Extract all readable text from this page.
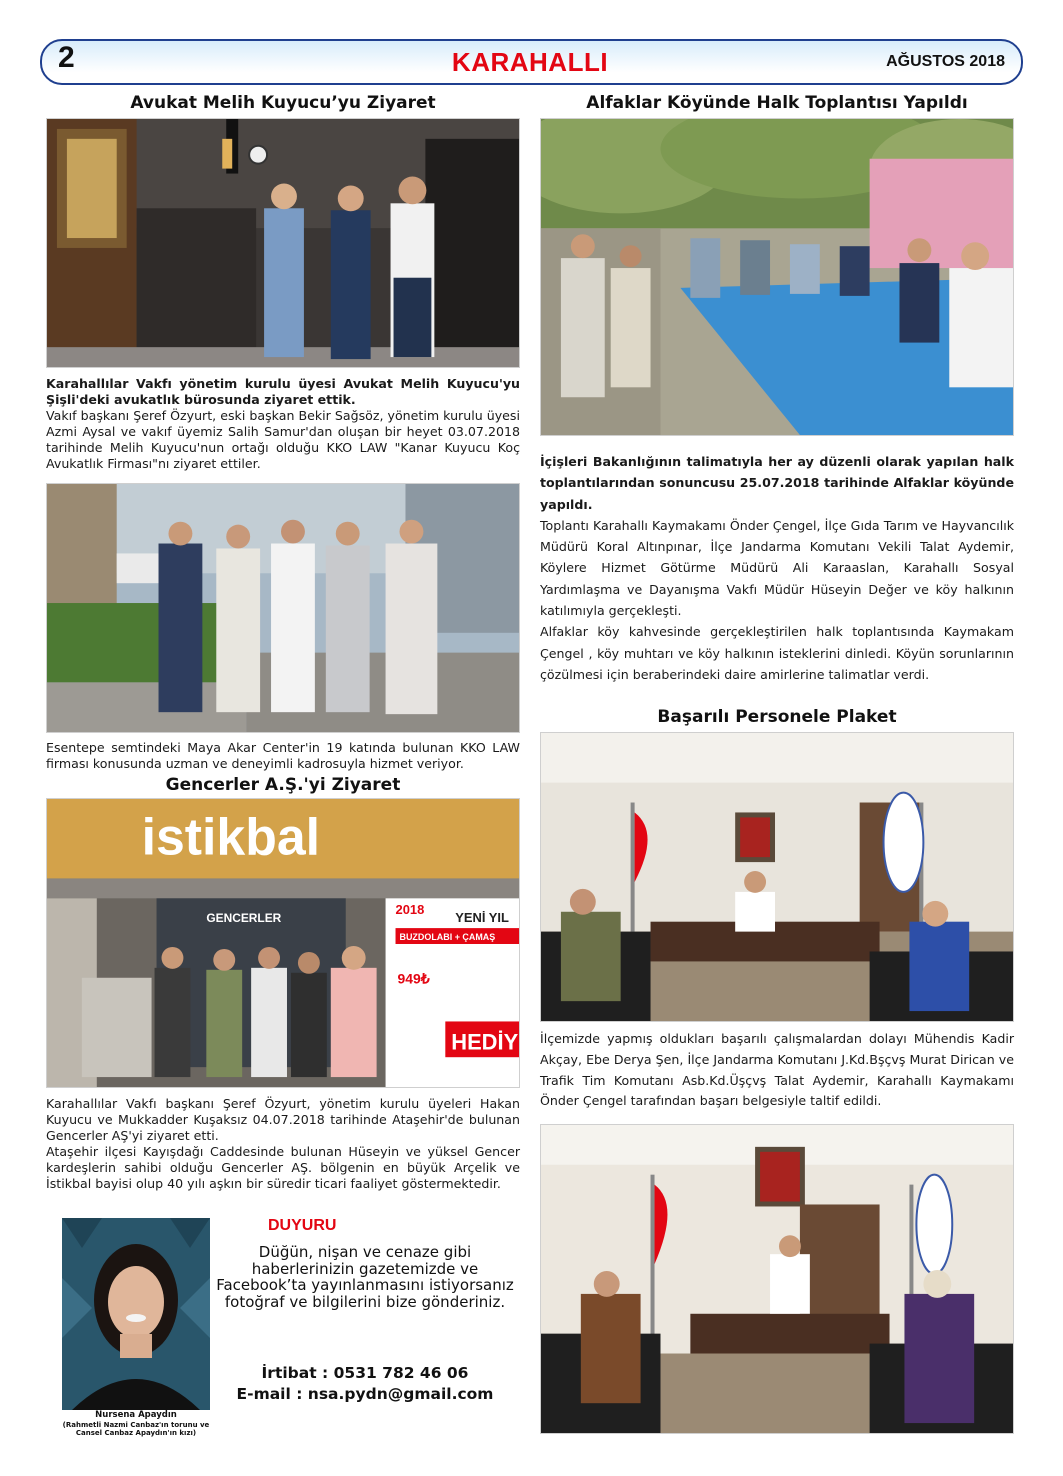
2	KARAHALLI	AĞUSTOS 2018
Avukat Melih Kuyucu’yu Ziyaret

Karahallılar Vakfı yönetim kurulu üyesi Avukat Melih Kuyucu'yu Şişli'deki avukatlık bürosunda ziyaret ettik.

Vakıf başkanı Şeref Özyurt, eski başkan Bekir Sağsöz, yönetim kurulu üyesi Azmi Aysal ve vakıf üyemiz Salih Samur'dan oluşan bir heyet 03.07.2018 tarihinde Melih Kuyucu'nun ortağı olduğu KKO LAW "Kanar Kuyucu Koç Avukatlık Firması"nı ziyaret ettiler.

Esentepe semtindeki Maya Akar Center'in 19 katında bulunan KKO LAW firması konusunda uzman ve deneyimli kadrosuyla hizmet veriyor.
Gencerler A.Ş.'yi Ziyaret
istikbal
GENCERLER
2018
YENİ YIL
BUZDOLABI + ÇAMAŞ
949₺
HEDİY

Karahallılar Vakfı başkanı Şeref Özyurt, yönetim kurulu üyeleri Hakan Kuyucu ve Mukkadder Kuşaksız 04.07.2018 tarihinde Ataşehir'de bulunan Gencerler AŞ'yi ziyaret etti.

Ataşehir ilçesi Kayışdağı Caddesinde bulunan Hüseyin ve yüksel Gencer kardeşlerin sahibi olduğu Gencerler AŞ. bölgenin en büyük Arçelik ve İstikbal bayisi olup 40 yılı aşkın bir süredir ticari faaliyet göstermektedir.

Nursena Apaydın
(Rahmetli Nazmi Canbaz'ın torunu ve Cansel Canbaz Apaydın'ın kızı)
DUYURU
Düğün, nişan ve cenaze gibi haberlerinizin gazetemizde ve Facebook’ta yayınlanmasını istiyorsanız fotoğraf ve bilgilerini bize gönderiniz.
İrtibat : 0531 782 46 06
E-mail : nsa.pydn@gmail.com
Alfaklar Köyünde Halk Toplantısı Yapıldı

İçişleri Bakanlığının talimatıyla her ay düzenli olarak yapılan halk toplantılarından sonuncusu 25.07.2018 tarihinde Alfaklar köyünde yapıldı.

Toplantı Karahallı Kaymakamı Önder Çengel, İlçe Gıda Tarım ve Hayvancılık Müdürü Koral Altınpınar, İlçe Jandarma Komutanı Vekili Talat Aydemir, Köylere Hizmet Götürme Müdürü Ali Karaaslan, Karahallı Sosyal Yardımlaşma ve Dayanışma Vakfı Müdür Hüseyin Değer ve köy halkının katılımıyla gerçekleşti.

Alfaklar köy kahvesinde gerçekleştirilen halk toplantısında Kaymakam Çengel , köy muhtarı ve köy halkının isteklerini dinledi. Köyün sorunlarının çözülmesi için beraberindeki daire amirlerine talimatlar verdi.

Başarılı Personele Plaket
İlçemizde yapmış oldukları başarılı çalışmalardan dolayı Mühendis Kadir Akçay, Ebe Derya Şen, İlçe Jandarma Komutanı J.Kd.Bşçvş Murat Dirican ve Trafik Tim Komutanı Asb.Kd.Üşçvş Talat Aydemir, Karahallı Kaymakamı Önder Çengel tarafından başarı belgesiyle taltif edildi.
